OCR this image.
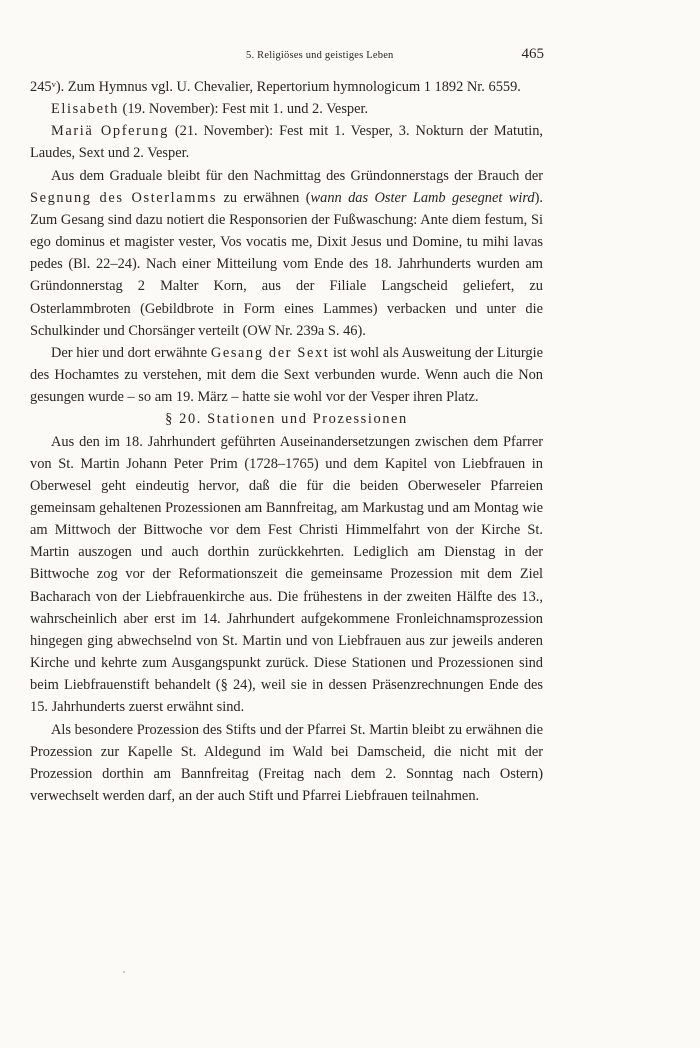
5. Religiöses und geistiges Leben	465

245ᵛ). Zum Hymnus vgl. U. Chevalier, Repertorium hymnologicum 1 1892 Nr. 6559.

Elisabeth (19. November): Fest mit 1. und 2. Vesper.

Mariä Opferung (21. November): Fest mit 1. Vesper, 3. Nokturn der Matutin, Laudes, Sext und 2. Vesper.

Aus dem Graduale bleibt für den Nachmittag des Gründonnerstags der Brauch der Segnung des Osterlamms zu erwähnen (wann das Oster Lamb gesegnet wird). Zum Gesang sind dazu notiert die Responsorien der Fußwaschung: Ante diem festum, Si ego dominus et magister vester, Vos vocatis me, Dixit Jesus und Domine, tu mihi lavas pedes (Bl. 22–24). Nach einer Mitteilung vom Ende des 18. Jahrhunderts wurden am Gründonnerstag 2 Malter Korn, aus der Filiale Langscheid geliefert, zu Osterlammbroten (Gebildbrote in Form eines Lammes) verbacken und unter die Schulkinder und Chorsänger verteilt (OW Nr. 239a S. 46).

Der hier und dort erwähnte Gesang der Sext ist wohl als Ausweitung der Liturgie des Hochamtes zu verstehen, mit dem die Sext verbunden wurde. Wenn auch die Non gesungen wurde – so am 19. März – hatte sie wohl vor der Vesper ihren Platz.

§ 20. Stationen und Prozessionen

Aus den im 18. Jahrhundert geführten Auseinandersetzungen zwischen dem Pfarrer von St. Martin Johann Peter Prim (1728–1765) und dem Kapitel von Liebfrauen in Oberwesel geht eindeutig hervor, daß die für die beiden Oberweseler Pfarreien gemeinsam gehaltenen Prozessionen am Bannfreitag, am Markustag und am Montag wie am Mittwoch der Bittwoche vor dem Fest Christi Himmelfahrt von der Kirche St. Martin auszogen und auch dorthin zurückkehrten. Lediglich am Dienstag in der Bittwoche zog vor der Reformationszeit die gemeinsame Prozession mit dem Ziel Bacharach von der Liebfrauenkirche aus. Die frühestens in der zweiten Hälfte des 13., wahrscheinlich aber erst im 14. Jahrhundert aufgekommene Fronleichnamsprozession hingegen ging abwechselnd von St. Martin und von Liebfrauen aus zur jeweils anderen Kirche und kehrte zum Ausgangspunkt zurück. Diese Stationen und Prozessionen sind beim Liebfrauenstift behandelt (§ 24), weil sie in dessen Präsenzrechnungen Ende des 15. Jahrhunderts zuerst erwähnt sind.

Als besondere Prozession des Stifts und der Pfarrei St. Martin bleibt zu erwähnen die Prozession zur Kapelle St. Aldegund im Wald bei Damscheid, die nicht mit der Prozession dorthin am Bannfreitag (Freitag nach dem 2. Sonntag nach Ostern) verwechselt werden darf, an der auch Stift und Pfarrei Liebfrauen teilnahmen.
